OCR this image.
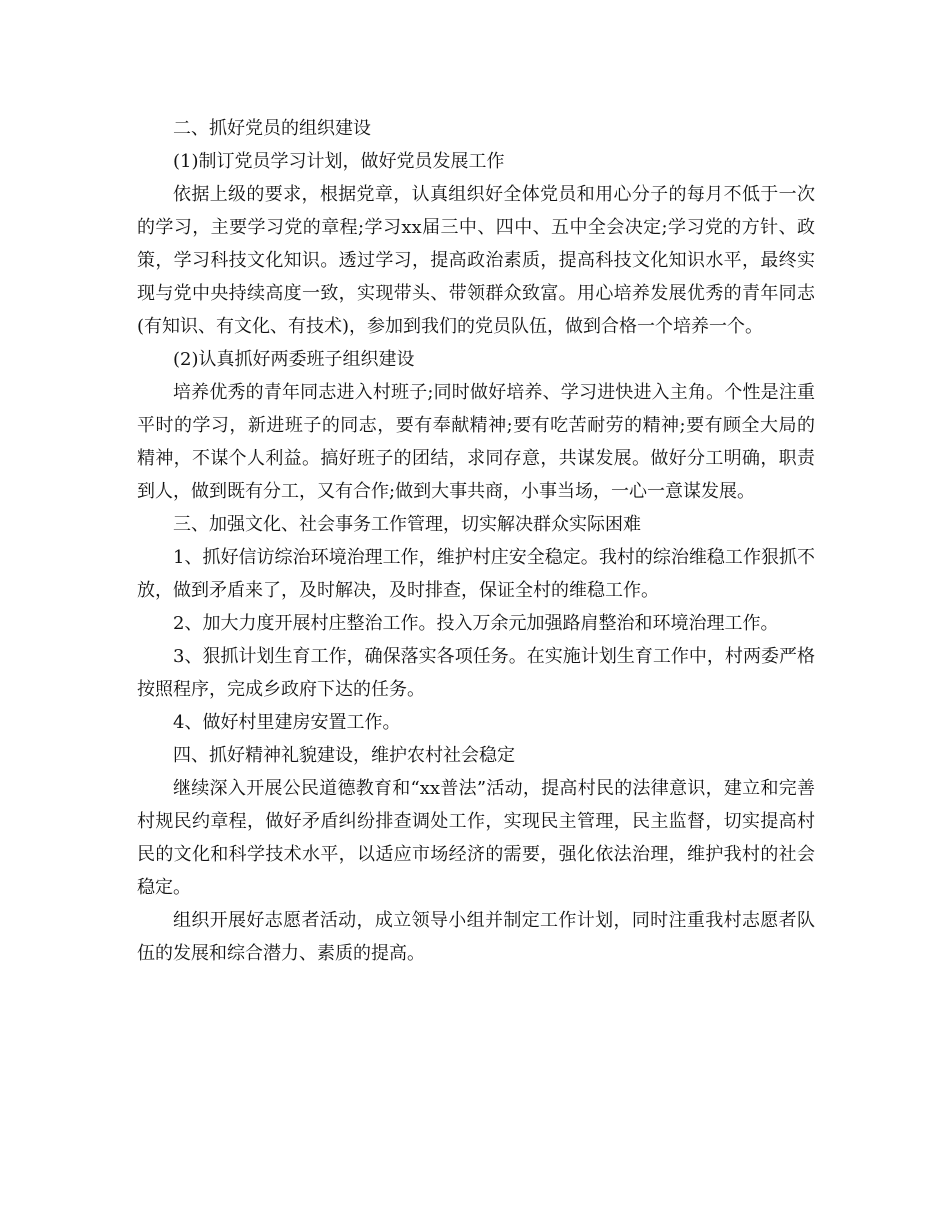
二、抓好党员的组织建设

(1)制订党员学习计划，做好党员发展工作

依据上级的要求，根据党章，认真组织好全体党员和用心分子的每月不低于一次的学习，主要学习党的章程;学习xx届三中、四中、五中全会决定;学习党的方针、政策，学习科技文化知识。透过学习，提高政治素质，提高科技文化知识水平，最终实现与党中央持续高度一致，实现带头、带领群众致富。用心培养发展优秀的青年同志(有知识、有文化、有技术)，参加到我们的党员队伍，做到合格一个培养一个。

(2)认真抓好两委班子组织建设

培养优秀的青年同志进入村班子;同时做好培养、学习进快进入主角。个性是注重平时的学习，新进班子的同志，要有奉献精神;要有吃苦耐劳的精神;要有顾全大局的精神，不谋个人利益。搞好班子的团结，求同存意，共谋发展。做好分工明确，职责到人，做到既有分工，又有合作;做到大事共商，小事当场，一心一意谋发展。

三、加强文化、社会事务工作管理，切实解决群众实际困难

1、抓好信访综治环境治理工作，维护村庄安全稳定。我村的综治维稳工作狠抓不放，做到矛盾来了，及时解决，及时排查，保证全村的维稳工作。

2、加大力度开展村庄整治工作。投入万余元加强路肩整治和环境治理工作。

3、狠抓计划生育工作，确保落实各项任务。在实施计划生育工作中，村两委严格按照程序，完成乡政府下达的任务。

4、做好村里建房安置工作。

四、抓好精神礼貌建设，维护农村社会稳定

继续深入开展公民道德教育和“xx普法”活动，提高村民的法律意识，建立和完善村规民约章程，做好矛盾纠纷排查调处工作，实现民主管理，民主监督，切实提高村民的文化和科学技术水平，以适应市场经济的需要，强化依法治理，维护我村的社会稳定。

组织开展好志愿者活动，成立领导小组并制定工作计划，同时注重我村志愿者队伍的发展和综合潜力、素质的提高。
